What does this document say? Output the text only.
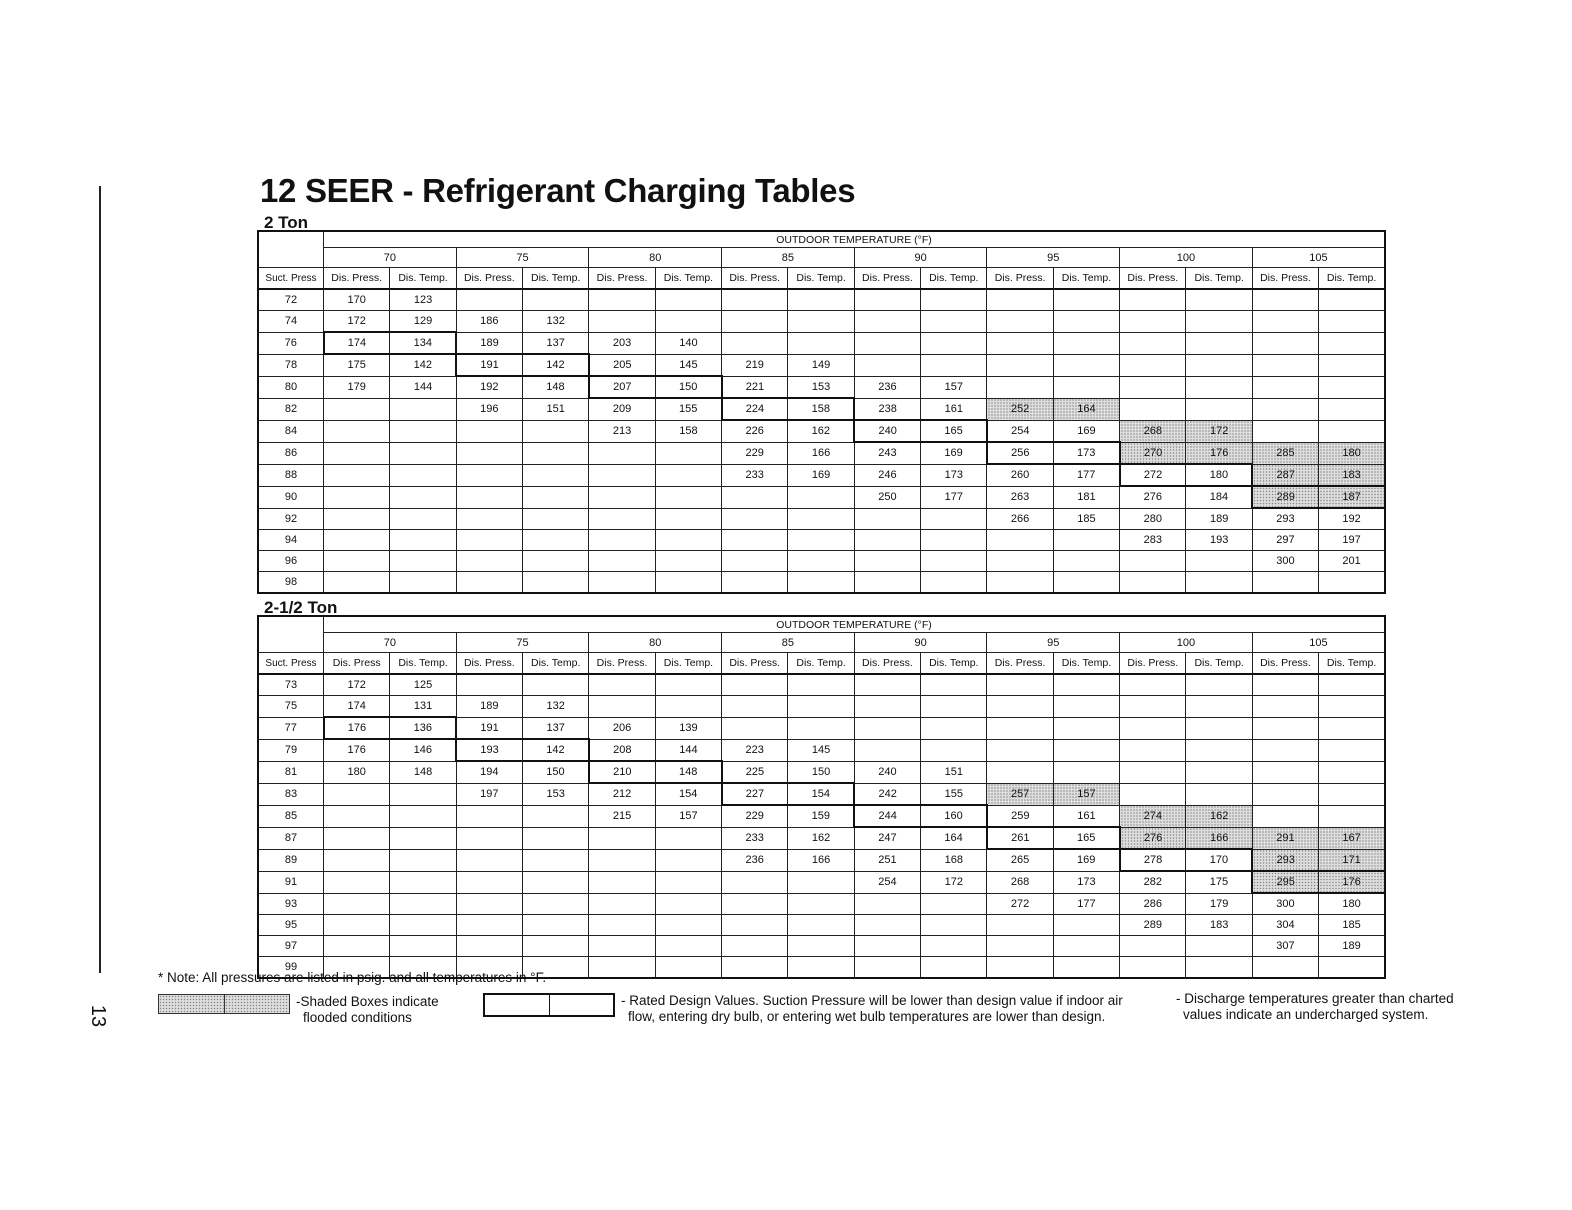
13
12 SEER - Refrigerant Charging Tables
2 Ton
	OUTDOOR TEMPERATURE (°F)															
	70		75		80		85		90		95		100		105	
Suct. Press	Dis. Press.	Dis. Temp.	Dis. Press.	Dis. Temp.	Dis. Press.	Dis. Temp.	Dis. Press.	Dis. Temp.	Dis. Press.	Dis. Temp.	Dis. Press.	Dis. Temp.	Dis. Press.	Dis. Temp.	Dis. Press.	Dis. Temp.
72	170	123														
74	172	129	186	132												
76	174	134	189	137	203	140										
78	175	142	191	142	205	145	219	149								
80	179	144	192	148	207	150	221	153	236	157						
82			196	151	209	155	224	158	238	161	252	164				
84					213	158	226	162	240	165	254	169	268	172		
86							229	166	243	169	256	173	270	176	285	180
88							233	169	246	173	260	177	272	180	287	183
90									250	177	263	181	276	184	289	187
92											266	185	280	189	293	192
94													283	193	297	197
96															300	201
98																
2-1/2 Ton
	OUTDOOR TEMPERATURE (°F)															
	70		75		80		85		90		95		100		105	
Suct. Press	Dis. Press	Dis. Temp.	Dis. Press.	Dis. Temp.	Dis. Press.	Dis. Temp.	Dis. Press.	Dis. Temp.	Dis. Press.	Dis. Temp.	Dis. Press.	Dis. Temp.	Dis. Press.	Dis. Temp.	Dis. Press.	Dis. Temp.
73	172	125														
75	174	131	189	132												
77	176	136	191	137	206	139										
79	176	146	193	142	208	144	223	145								
81	180	148	194	150	210	148	225	150	240	151						
83			197	153	212	154	227	154	242	155	257	157				
85					215	157	229	159	244	160	259	161	274	162		
87							233	162	247	164	261	165	276	166	291	167
89							236	166	251	168	265	169	278	170	293	171
91									254	172	268	173	282	175	295	176
93											272	177	286	179	300	180
95													289	183	304	185
97															307	189
99																
* Note: All pressures are listed in psig. and all temperatures in °F.
-Shaded Boxes indicate
flooded conditions
- Rated Design Values. Suction Pressure will be lower than design value if indoor air
flow, entering dry bulb, or entering wet bulb temperatures are lower than design.
- Discharge temperatures greater than charted
values indicate an undercharged system.
